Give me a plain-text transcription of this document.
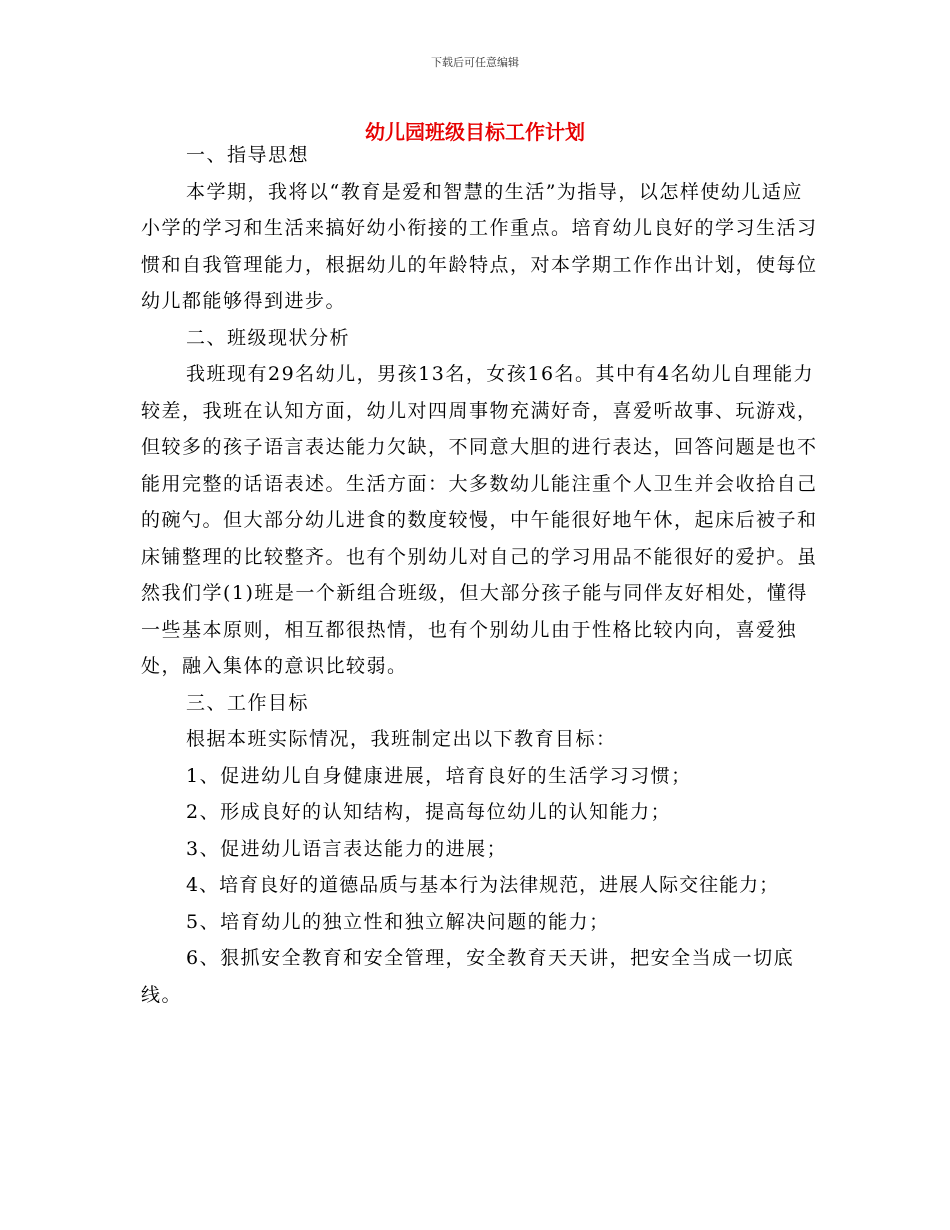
下载后可任意编辑
幼儿园班级目标工作计划

一、指导思想

本学期，我将以“教育是爱和智慧的生活”为指导，以怎样使幼儿适应小学的学习和生活来搞好幼小衔接的工作重点。培育幼儿良好的学习生活习惯和自我管理能力，根据幼儿的年龄特点，对本学期工作作出计划，使每位幼儿都能够得到进步。

二、班级现状分析

我班现有29名幼儿，男孩13名，女孩16名。其中有4名幼儿自理能力较差，我班在认知方面，幼儿对四周事物充满好奇，喜爱听故事、玩游戏，但较多的孩子语言表达能力欠缺，不同意大胆的进行表达，回答问题是也不能用完整的话语表述。生活方面：大多数幼儿能注重个人卫生并会收拾自己的碗勺。但大部分幼儿进食的数度较慢，中午能很好地午休，起床后被子和床铺整理的比较整齐。也有个别幼儿对自己的学习用品不能很好的爱护。虽然我们学(1)班是一个新组合班级，但大部分孩子能与同伴友好相处，懂得一些基本原则，相互都很热情，也有个别幼儿由于性格比较内向，喜爱独处，融入集体的意识比较弱。

三、工作目标

根据本班实际情况，我班制定出以下教育目标：

1、促进幼儿自身健康进展，培育良好的生活学习习惯；

2、形成良好的认知结构，提高每位幼儿的认知能力；

3、促进幼儿语言表达能力的进展；

4、培育良好的道德品质与基本行为法律规范，进展人际交往能力；

5、培育幼儿的独立性和独立解决问题的能力；

6、狠抓安全教育和安全管理，安全教育天天讲，把安全当成一切底线。
